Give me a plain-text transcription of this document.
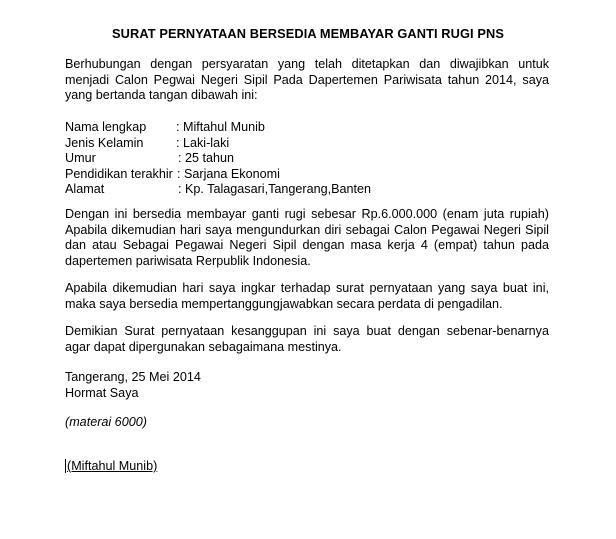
SURAT PERNYATAAN BERSEDIA MEMBAYAR GANTI RUGI PNS
Berhubungan dengan persyaratan yang telah ditetapkan dan diwajibkan untuk
menjadi Calon Pegwai Negeri Sipil Pada Dapertemen Pariwisata tahun 2014, saya
yang bertanda tangan dibawah ini:
Nama lengkap : Miftahul Munib
Jenis Kelamin	: Laki-laki
Umur	: 25 tahun
Pendidikan terakhir : Sarjana Ekonomi
Alamat	: Kp. Talagasari,Tangerang,Banten
Dengan ini bersedia membayar ganti rugi sebesar Rp.6.000.000 (enam juta rupiah)
Apabila dikemudian hari saya mengundurkan diri sebagai Calon Pegawai Negeri Sipil
dan atau Sebagai Pegawai Negeri Sipil dengan masa kerja 4 (empat) tahun pada
dapertemen pariwisata Rerpublik Indonesia.
Apabila dikemudian hari saya ingkar terhadap surat pernyataan yang saya buat ini,
maka saya bersedia mempertanggungjawabkan secara perdata di pengadilan.
Demikian Surat pernyataan kesanggupan ini saya buat dengan sebenar-benarnya
agar dapat dipergunakan sebagaimana mestinya.
Tangerang, 25 Mei 2014
Hormat Saya
(materai 6000)
(Miftahul Munib)
